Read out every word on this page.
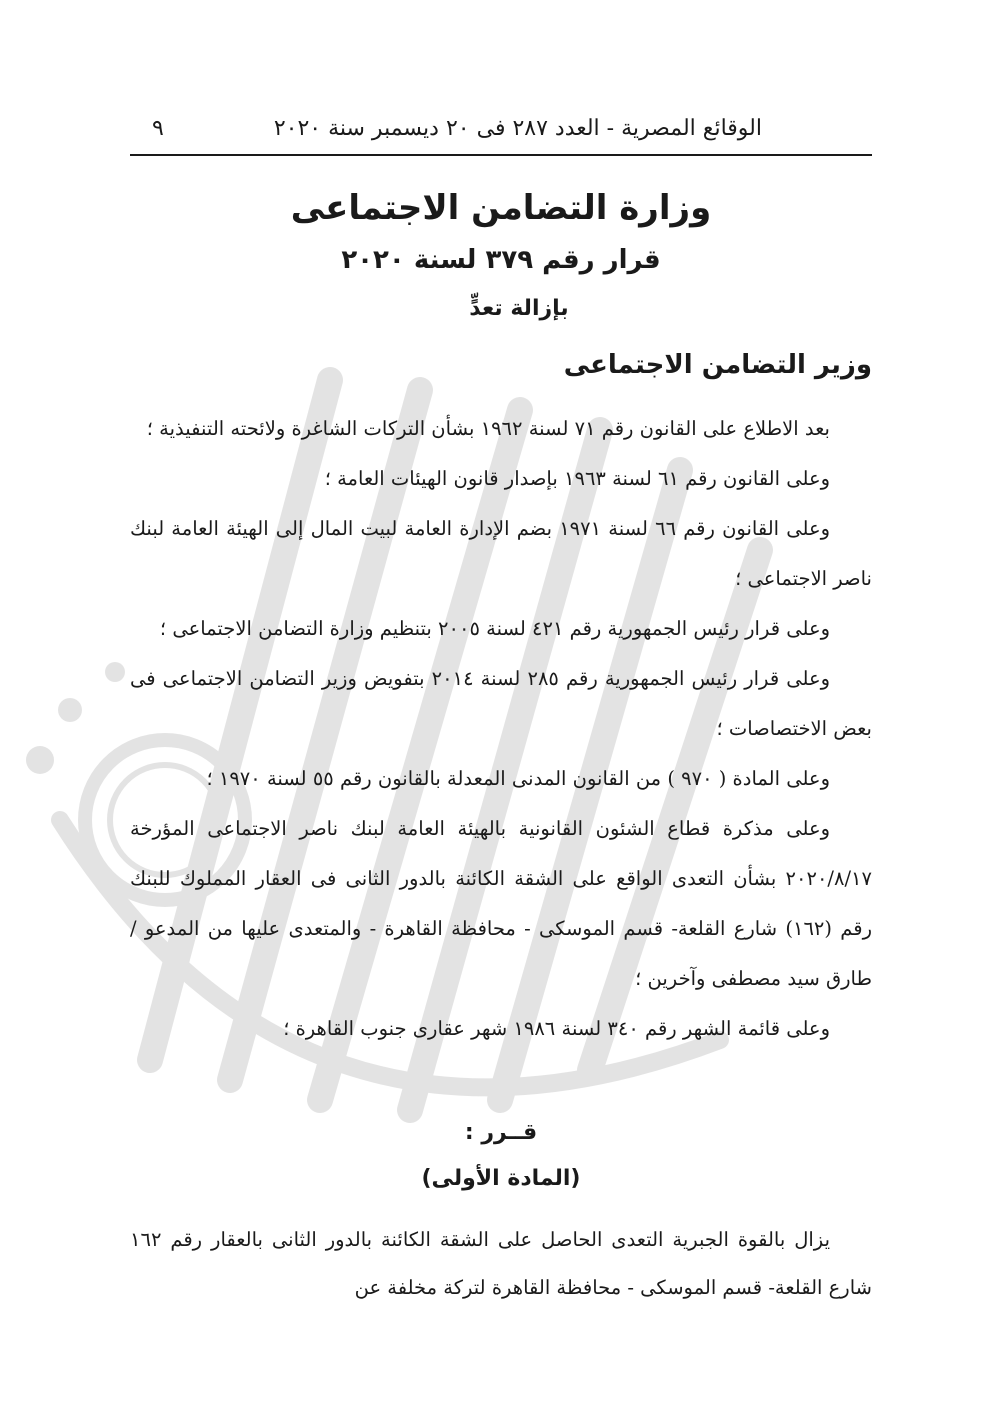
الوقائع المصرية - العدد ٢٨٧ فى ٢٠ ديسمبر سنة ٢٠٢٠
٩
وزارة التضامن الاجتماعى
قرار رقم ٣٧٩ لسنة ٢٠٢٠
بإزالة تعدٍّ
وزير التضامن الاجتماعى

بعد الاطلاع على القانون رقم ٧١ لسنة ١٩٦٢ بشأن التركات الشاغرة ولائحته التنفيذية ؛

وعلى القانون رقم ٦١ لسنة ١٩٦٣ بإصدار قانون الهيئات العامة ؛

وعلى القانون رقم ٦٦ لسنة ١٩٧١ بضم الإدارة العامة لبيت المال إلى الهيئة العامة لبنك ناصر الاجتماعى ؛

وعلى قرار رئيس الجمهورية رقم ٤٢١ لسنة ٢٠٠٥ بتنظيم وزارة التضامن الاجتماعى ؛

وعلى قرار رئيس الجمهورية رقم ٢٨٥ لسنة ٢٠١٤ بتفويض وزير التضامن الاجتماعى فى بعض الاختصاصات ؛

وعلى المادة ( ٩٧٠ ) من القانون المدنى المعدلة بالقانون رقم ٥٥ لسنة ١٩٧٠ ؛

وعلى مذكرة قطاع الشئون القانونية بالهيئة العامة لبنك ناصر الاجتماعى المؤرخة ٢٠٢٠/٨/١٧ بشأن التعدى الواقع على الشقة الكائنة بالدور الثانى فى العقار المملوك للبنك رقم (١٦٢) شارع القلعة- قسم الموسكى - محافظة القاهرة - والمتعدى عليها من المدعو / طارق سيد مصطفى وآخرين ؛

وعلى قائمة الشهر رقم ٣٤٠ لسنة ١٩٨٦ شهر عقارى جنوب القاهرة ؛

قــرر :
(المادة الأولى)

يزال بالقوة الجبرية التعدى الحاصل على الشقة الكائنة بالدور الثانى بالعقار رقم ١٦٢ شارع القلعة- قسم الموسكى - محافظة القاهرة لتركة مخلفة عن
